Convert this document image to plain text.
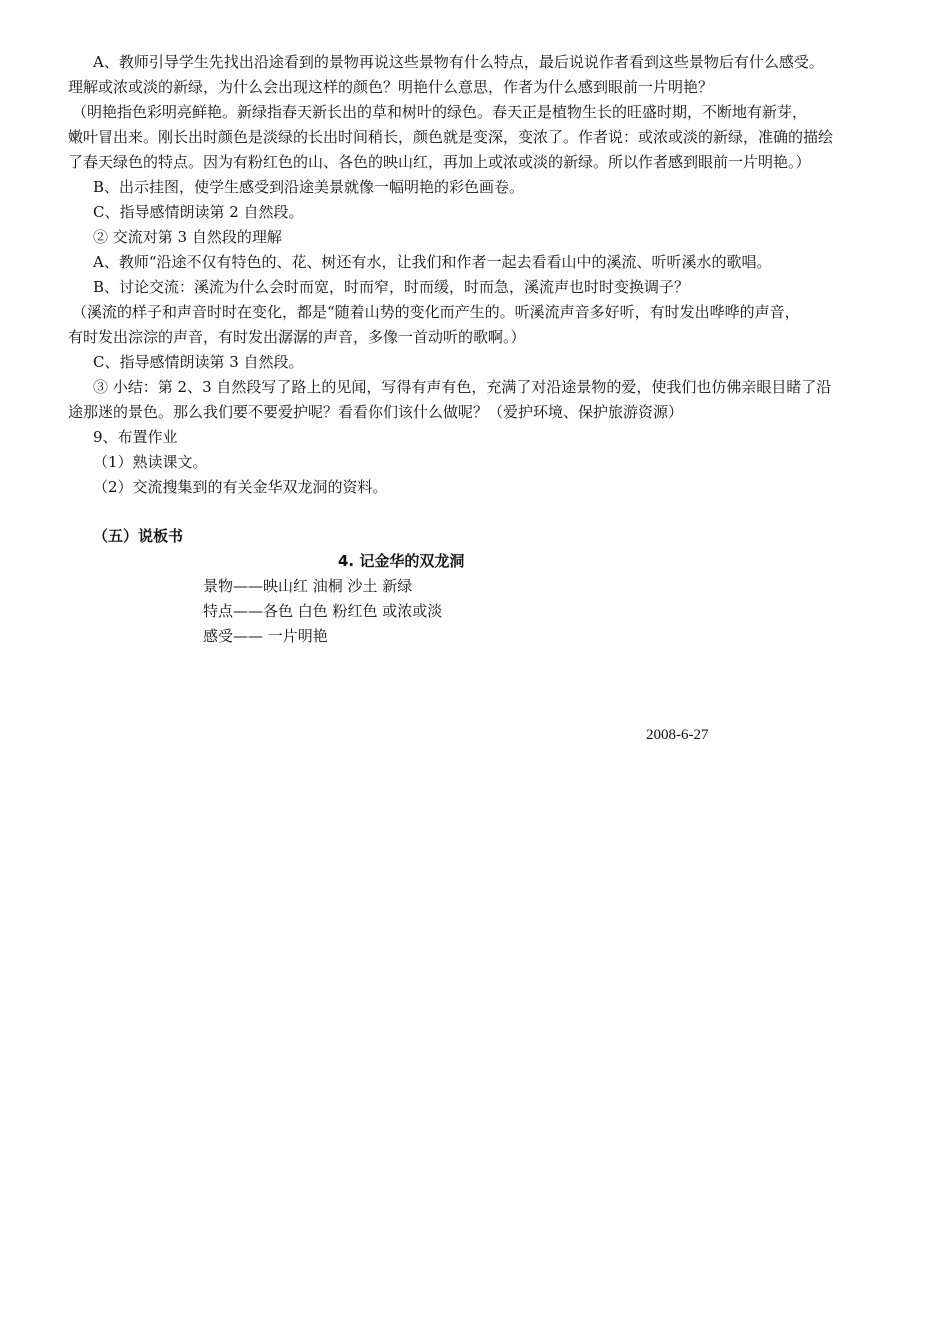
A、教师引导学生先找出沿途看到的景物再说这些景物有什么特点，最后说说作者看到这些景物后有什么感受。
理解或浓或淡的新绿，为什么会出现这样的颜色？明艳什么意思，作者为什么感到眼前一片明艳？
（明艳指色彩明亮鲜艳。新绿指春天新长出的草和树叶的绿色。春天正是植物生长的旺盛时期，不断地有新芽，
嫩叶冒出来。刚长出时颜色是淡绿的长出时间稍长，颜色就是变深，变浓了。作者说：或浓或淡的新绿，准确的描绘
了春天绿色的特点。因为有粉红色的山、各色的映山红，再加上或浓或淡的新绿。所以作者感到眼前一片明艳。）
B、出示挂图，使学生感受到沿途美景就像一幅明艳的彩色画卷。
C、指导感情朗读第 2 自然段。
② 交流对第 3 自然段的理解
A、教师“沿途不仅有特色的、花、树还有水，让我们和作者一起去看看山中的溪流、听听溪水的歌唱。
B、讨论交流：溪流为什么会时而宽，时而窄，时而缓，时而急，溪流声也时时变换调子？
（溪流的样子和声音时时在变化，都是“随着山势的变化而产生的。听溪流声音多好听，有时发出哗哗的声音，
有时发出淙淙的声音，有时发出潺潺的声音，多像一首动听的歌啊。）
C、指导感情朗读第 3 自然段。
③ 小结：第 2、3 自然段写了路上的见闻，写得有声有色，充满了对沿途景物的爱，使我们也仿佛亲眼目睹了沿
途那迷的景色。那么我们要不要爱护呢？看看你们该什么做呢？（爱护环境、保护旅游资源）
9、布置作业
（1）熟读课文。
（2）交流搜集到的有关金华双龙洞的资料。
（五）说板书
4. 记金华的双龙洞
景物——映山红 油桐 沙土 新绿
特点——各色 白色 粉红色 或浓或淡
感受—— 一片明艳
2008-6-27
